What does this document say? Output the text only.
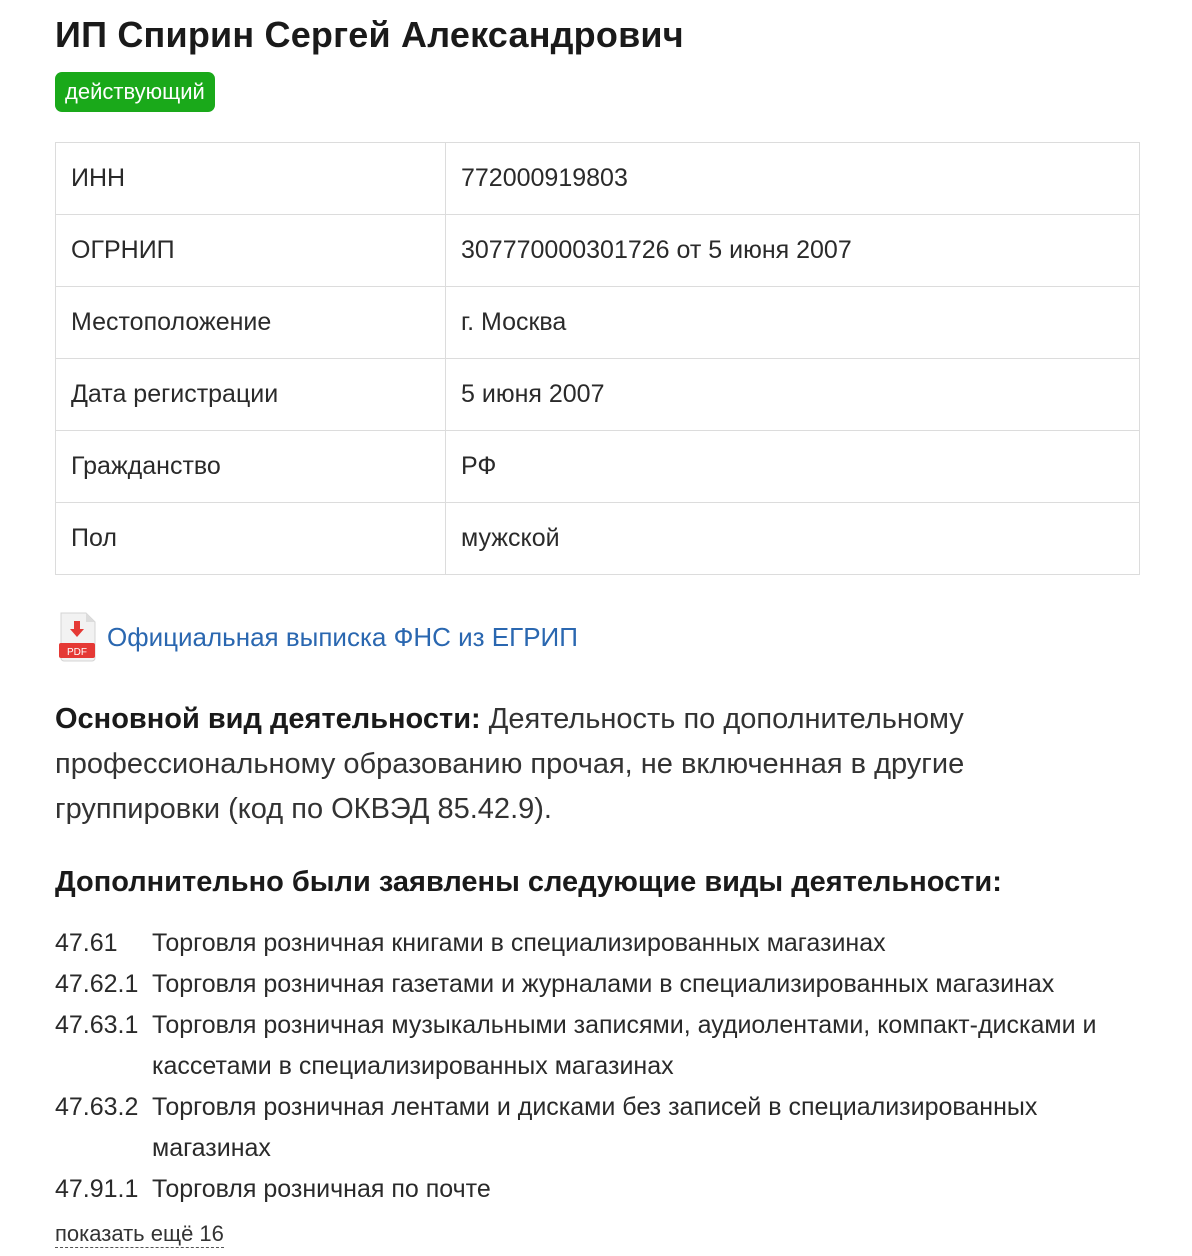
ИП Спирин Сергей Александрович
действующий
ИНН	772000919803
ОГРНИП	307770000301726 от 5 июня 2007
Местоположение	г. Москва
Дата регистрации	5 июня 2007
Гражданство	РФ
Пол	мужской
PDF
Официальная выписка ФНС из ЕГРИП

Основной вид деятельности: Деятельность по дополнительному профессиональному образованию прочая, не включенная в другие группировки (код по ОКВЭД 85.42.9).

Дополнительно были заявлены следующие виды деятельности:
47.61	Торговля розничная книгами в специализированных магазинах
47.62.1 Торговля розничная газетами и журналами в специализированных магазинах
47.63.1 Торговля розничная музыкальными записями, аудиолентами, компакт-дисками и кассетами в специализированных магазинах
47.63.2 Торговля розничная лентами и дисками без записей в специализированных магазинах
47.91.1 Торговля розничная по почте
показать ещё 16
